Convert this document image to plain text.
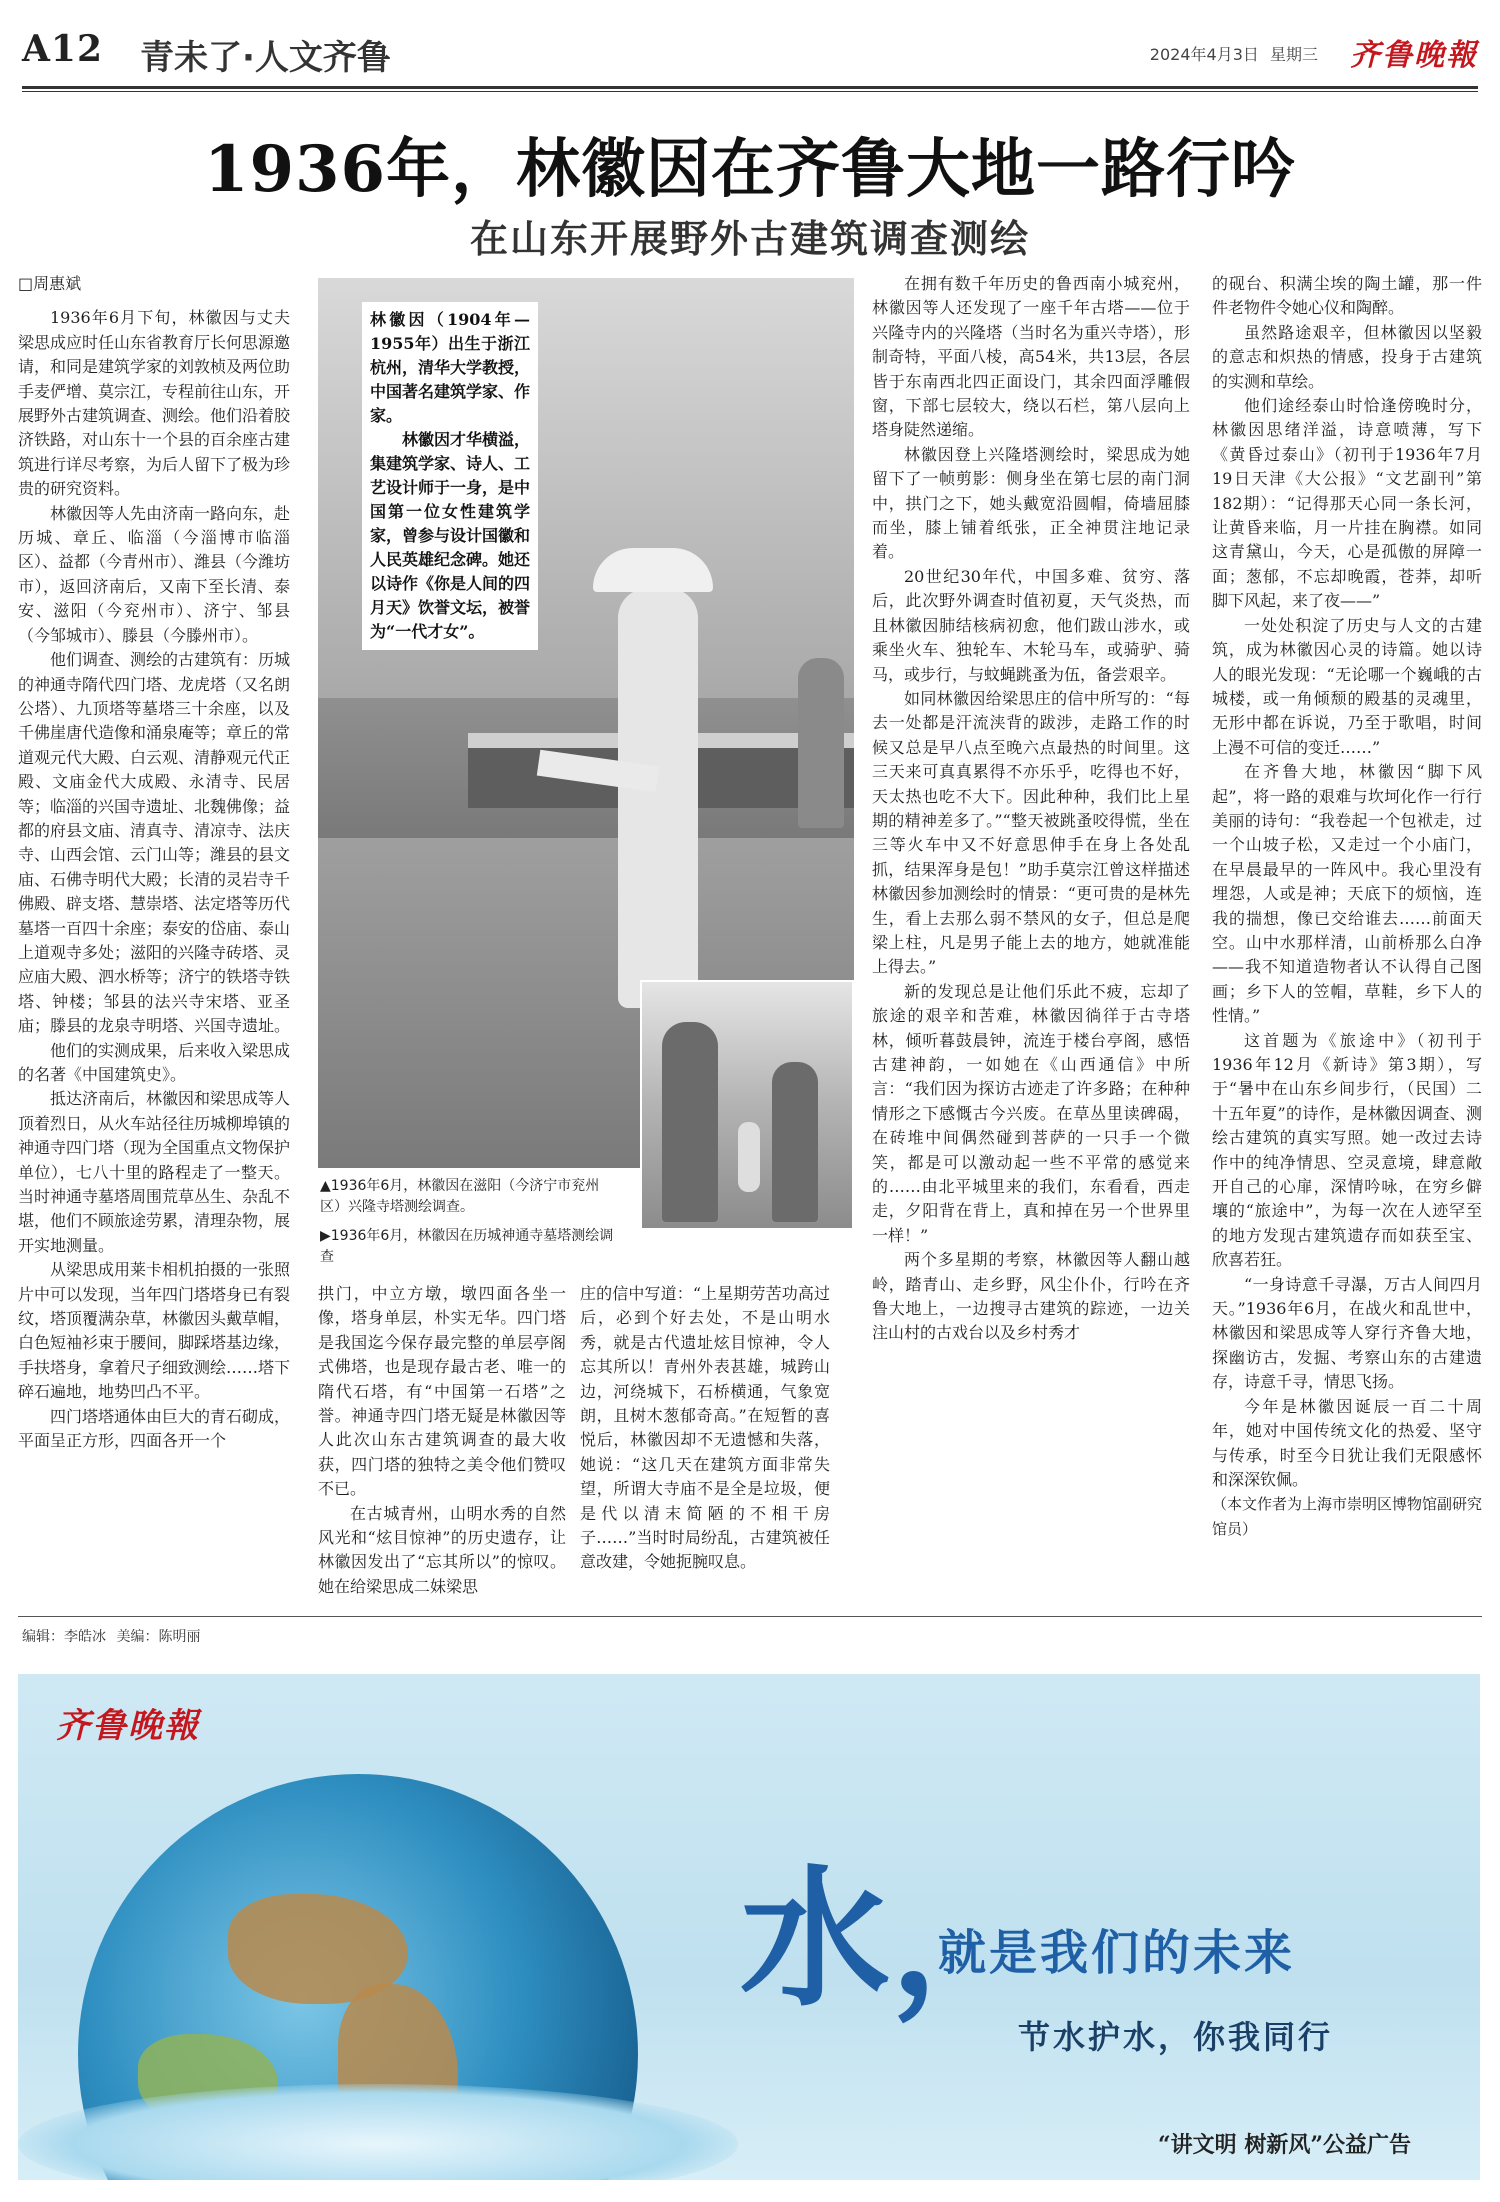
A12 青未了·人文齐鲁	2024年4月3日 星期三 齐鲁晚報
1936年，林徽因在齐鲁大地一路行吟
在山东开展野外古建筑调查测绘

□周惠斌

1936年6月下旬，林徽因与丈夫梁思成应时任山东省教育厅长何思源邀请，和同是建筑学家的刘敦桢及两位助手麦俨增、莫宗江，专程前往山东，开展野外古建筑调查、测绘。他们沿着胶济铁路，对山东十一个县的百余座古建筑进行详尽考察，为后人留下了极为珍贵的研究资料。

林徽因等人先由济南一路向东，赴历城、章丘、临淄（今淄博市临淄区）、益都（今青州市）、潍县（今潍坊市），返回济南后，又南下至长清、泰安、滋阳（今兖州市）、济宁、邹县（今邹城市）、滕县（今滕州市）。

他们调查、测绘的古建筑有：历城的神通寺隋代四门塔、龙虎塔（又名朗公塔）、九顶塔等墓塔三十余座，以及千佛崖唐代造像和涌泉庵等；章丘的常道观元代大殿、白云观、清静观元代正殿、文庙金代大成殿、永清寺、民居等；临淄的兴国寺遗址、北魏佛像；益都的府县文庙、清真寺、清凉寺、法庆寺、山西会馆、云门山等；潍县的县文庙、石佛寺明代大殿；长清的灵岩寺千佛殿、辟支塔、慧崇塔、法定塔等历代墓塔一百四十余座；泰安的岱庙、泰山上道观寺多处；滋阳的兴隆寺砖塔、灵应庙大殿、泗水桥等；济宁的铁塔寺铁塔、钟楼；邹县的法兴寺宋塔、亚圣庙；滕县的龙泉寺明塔、兴国寺遗址。

他们的实测成果，后来收入梁思成的名著《中国建筑史》。

抵达济南后，林徽因和梁思成等人顶着烈日，从火车站径往历城柳埠镇的神通寺四门塔（现为全国重点文物保护单位），七八十里的路程走了一整天。当时神通寺墓塔周围荒草丛生、杂乱不堪，他们不顾旅途劳累，清理杂物，展开实地测量。

从梁思成用莱卡相机拍摄的一张照片中可以发现，当年四门塔塔身已有裂纹，塔顶覆满杂草，林徽因头戴草帽，白色短袖衫束于腰间，脚踩塔基边缘，手扶塔身，拿着尺子细致测绘……塔下碎石遍地，地势凹凸不平。

四门塔塔通体由巨大的青石砌成，平面呈正方形，四面各开一个

林徽因（1904年—1955年）出生于浙江杭州，清华大学教授，中国著名建筑学家、作家。

林徽因才华横溢，集建筑学家、诗人、工艺设计师于一身，是中国第一位女性建筑学家，曾参与设计国徽和人民英雄纪念碑。她还以诗作《你是人间的四月天》饮誉文坛，被誉为“一代才女”。

▲1936年6月，林徽因在滋阳（今济宁市兖州区）兴隆寺塔测绘调查。
▶1936年6月，林徽因在历城神通寺墓塔测绘调查

拱门，中立方墩，墩四面各坐一像，塔身单层，朴实无华。四门塔是我国迄今保存最完整的单层亭阁式佛塔，也是现存最古老、唯一的隋代石塔，有“中国第一石塔”之誉。神通寺四门塔无疑是林徽因等人此次山东古建筑调查的最大收获，四门塔的独特之美令他们赞叹不已。

在古城青州，山明水秀的自然风光和“炫目惊神”的历史遗存，让林徽因发出了“忘其所以”的惊叹。她在给梁思成二妹梁思

庄的信中写道：“上星期劳苦功高过后，必到个好去处，不是山明水秀，就是古代遗址炫目惊神，令人忘其所以！青州外表甚雄，城跨山边，河绕城下，石桥横通，气象宽朗，且树木葱郁奇高。”在短暂的喜悦后，林徽因却不无遗憾和失落，她说：“这几天在建筑方面非常失望，所谓大寺庙不是全是垃圾，便是代以清末简陋的不相干房子……”当时时局纷乱，古建筑被任意改建，令她扼腕叹息。

在拥有数千年历史的鲁西南小城兖州，林徽因等人还发现了一座千年古塔——位于兴隆寺内的兴隆塔（当时名为重兴寺塔），形制奇特，平面八棱，高54米，共13层，各层皆于东南西北四正面设门，其余四面浮雕假窗，下部七层较大，绕以石栏，第八层向上塔身陡然递缩。

林徽因登上兴隆塔测绘时，梁思成为她留下了一帧剪影：侧身坐在第七层的南门洞中，拱门之下，她头戴宽沿圆帽，倚墙屈膝而坐，膝上铺着纸张，正全神贯注地记录着。

20世纪30年代，中国多难、贫穷、落后，此次野外调查时值初夏，天气炎热，而且林徽因肺结核病初愈，他们跋山涉水，或乘坐火车、独轮车、木轮马车，或骑驴、骑马，或步行，与蚊蝇跳蚤为伍，备尝艰辛。

如同林徽因给梁思庄的信中所写的：“每去一处都是汗流浃背的跋涉，走路工作的时候又总是早八点至晚六点最热的时间里。这三天来可真真累得不亦乐乎，吃得也不好，天太热也吃不大下。因此种种，我们比上星期的精神差多了。”“整天被跳蚤咬得慌，坐在三等火车中又不好意思伸手在身上各处乱抓，结果浑身是包！”助手莫宗江曾这样描述林徽因参加测绘时的情景：“更可贵的是林先生，看上去那么弱不禁风的女子，但总是爬梁上柱，凡是男子能上去的地方，她就准能上得去。”

新的发现总是让他们乐此不疲，忘却了旅途的艰辛和苦难，林徽因徜徉于古寺塔林，倾听暮鼓晨钟，流连于楼台亭阁，感悟古建神韵，一如她在《山西通信》中所言：“我们因为探访古迹走了许多路；在种种情形之下感慨古今兴废。在草丛里读碑碣，在砖堆中间偶然碰到菩萨的一只手一个微笑，都是可以激动起一些不平常的感觉来的……由北平城里来的我们，东看看，西走走，夕阳背在背上，真和掉在另一个世界里一样！”

两个多星期的考察，林徽因等人翻山越岭，踏青山、走乡野，风尘仆仆，行吟在齐鲁大地上，一边搜寻古建筑的踪迹，一边关注山村的古戏台以及乡村秀才

的砚台、积满尘埃的陶土罐，那一件件老物件令她心仪和陶醉。

虽然路途艰辛，但林徽因以坚毅的意志和炽热的情感，投身于古建筑的实测和草绘。

他们途经泰山时恰逢傍晚时分，林徽因思绪洋溢，诗意喷薄，写下《黄昏过泰山》（初刊于1936年7月19日天津《大公报》“文艺副刊”第182期）：“记得那天心同一条长河，让黄昏来临，月一片挂在胸襟。如同这青黛山，今天，心是孤傲的屏障一面；葱郁，不忘却晚霞，苍莽，却听脚下风起，来了夜——”

一处处积淀了历史与人文的古建筑，成为林徽因心灵的诗篇。她以诗人的眼光发现：“无论哪一个巍峨的古城楼，或一角倾颓的殿基的灵魂里，无形中都在诉说，乃至于歌唱，时间上漫不可信的变迁……”

在齐鲁大地，林徽因“脚下风起”，将一路的艰难与坎坷化作一行行美丽的诗句：“我卷起一个包袱走，过一个山坡子松，又走过一个小庙门，在早晨最早的一阵风中。我心里没有埋怨，人或是神；天底下的烦恼，连我的揣想，像已交给谁去……前面天空。山中水那样清，山前桥那么白净——我不知道造物者认不认得自己图画；乡下人的笠帽，草鞋，乡下人的性情。”

这首题为《旅途中》（初刊于1936年12月《新诗》第3期），写于“暑中在山东乡间步行，（民国）二十五年夏”的诗作，是林徽因调查、测绘古建筑的真实写照。她一改过去诗作中的纯净情思、空灵意境，肆意敞开自己的心扉，深情吟咏，在穷乡僻壤的“旅途中”，为每一次在人迹罕至的地方发现古建筑遗存而如获至宝、欣喜若狂。

“一身诗意千寻瀑，万古人间四月天。”1936年6月，在战火和乱世中，林徽因和梁思成等人穿行齐鲁大地，探幽访古，发掘、考察山东的古建遗存，诗意千寻，情思飞扬。

今年是林徽因诞辰一百二十周年，她对中国传统文化的热爱、坚守与传承，时至今日犹让我们无限感怀和深深钦佩。

（本文作者为上海市崇明区博物馆副研究馆员）

编辑：李皓冰 美编：陈明丽
齐鲁晚報
水，
就是我们的未来
节水护水，你我同行
“讲文明 树新风”公益广告
